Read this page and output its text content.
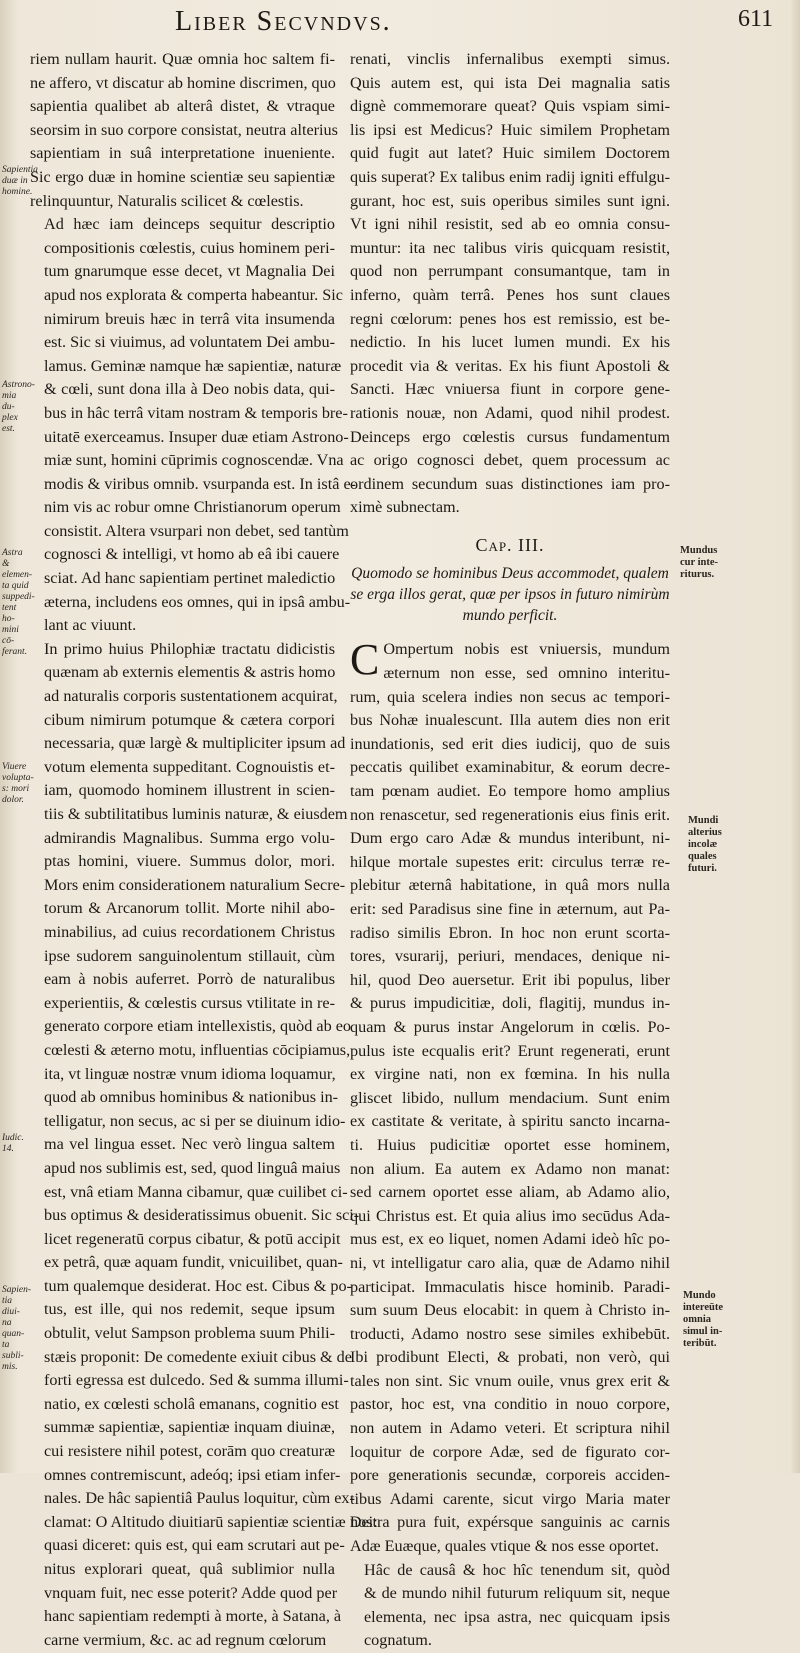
Liber Secvndvs.	611

riem nullam haurit. Quæ omnia hoc saltem fi-
ne affero, vt discatur ab homine discrimen, quo
sapientia qualibet ab alterâ distet, & vtraque
seorsim in suo corpore consistat, neutra alterius
sapientiam in suâ interpretatione inueniente.
Sic ergo duæ in homine scientiæ seu sapientiæ
relinquuntur, Naturalis scilicet & cœlestis.

Ad hæc iam deinceps sequitur descriptio
compositionis cœlestis, cuius hominem peri-
tum gnarumque esse decet, vt Magnalia Dei
apud nos explorata & comperta habeantur. Sic
nimirum breuis hæc in terrâ vita insumenda
est. Sic si viuimus, ad voluntatem Dei ambu-
lamus. Geminæ namque hæ sapientiæ, naturæ
& cœli, sunt dona illa à Deo nobis data, qui-
bus in hâc terrâ vitam nostram & temporis bre-
uitatē exerceamus. Insuper duæ etiam Astrono-
miæ sunt, homini cūprimis cognoscendæ. Vna
modis & viribus omnib. vsurpanda est. In istâ e-
nim vis ac robur omne Christianorum operum
consistit. Altera vsurpari non debet, sed tantùm
cognosci & intelligi, vt homo ab eâ ibi cauere
sciat. Ad hanc sapientiam pertinet maledictio
æterna, includens eos omnes, qui in ipsâ ambu-
lant ac viuunt.

In primo huius Philophiæ tractatu didicistis
quænam ab externis elementis & astris homo
ad naturalis corporis sustentationem acquirat,
cibum nimirum potumque & cætera corpori
necessaria, quæ largè & multipliciter ipsum ad
votum elementa suppeditant. Cognouistis et-
iam, quomodo hominem illustrent in scien-
tiis & subtilitatibus luminis naturæ, & eiusdem
admirandis Magnalibus. Summa ergo volu-
ptas homini, viuere. Summus dolor, mori.
Mors enim considerationem naturalium Secre-
torum & Arcanorum tollit. Morte nihil abo-
minabilius, ad cuius recordationem Christus
ipse sudorem sanguinolentum stillauit, cùm
eam à nobis auferret. Porrò de naturalibus
experientiis, & cœlestis cursus vtilitate in re-
generato corpore etiam intellexistis, quòd ab eo
cœlesti & æterno motu, influentias cōcipiamus,
ita, vt linguæ nostræ vnum idioma loquamur,
quod ab omnibus hominibus & nationibus in-
telligatur, non secus, ac si per se diuinum idio-
ma vel lingua esset. Nec verò lingua saltem
apud nos sublimis est, sed, quod linguâ maius
est, vnâ etiam Manna cibamur, quæ cuilibet ci-
bus optimus & desideratissimus obuenit. Sic sci-
licet regeneratū corpus cibatur, & potū accipit
ex petrâ, quæ aquam fundit, vnicuilibet, quan-
tum qualemque desiderat. Hoc est. Cibus & po-
tus, est ille, qui nos redemit, seque ipsum
obtulit, velut Sampson problema suum Phili-
stæis proponit: De comedente exiuit cibus & de
forti egressa est dulcedo. Sed & summa illumi-
natio, ex cœlesti scholâ emanans, cognitio est
summæ sapientiæ, sapientiæ inquam diuinæ,
cui resistere nihil potest, corām quo creaturæ
omnes contremiscunt, adeóq; ipsi etiam infer-
nales. De hâc sapientiâ Paulus loquitur, cùm ex-
clamat: O Altitudo diuitiarū sapientiæ scientiæ Dei:
quasi diceret: quis est, qui eam scrutari aut pe-
nitus explorari queat, quâ sublimior nulla
vnquam fuit, nec esse poterit? Adde quod per
hanc sapientiam redempti à morte, à Satana, à
carne vermium, &c. ac ad regnum cœlorum

renati, vinclis infernalibus exempti simus.
Quis autem est, qui ista Dei magnalia satis
dignè commemorare queat? Quis vspiam simi-
lis ipsi est Medicus? Huic similem Prophetam
quid fugit aut latet? Huic similem Doctorem
quis superat? Ex talibus enim radij igniti effulgu-
gurant, hoc est, suis operibus similes sunt igni.
Vt igni nihil resistit, sed ab eo omnia consu-
muntur: ita nec talibus viris quicquam resistit,
quod non perrumpant consumantque, tam in
inferno, quàm terrâ. Penes hos sunt claues
regni cœlorum: penes hos est remissio, est be-
nedictio. In his lucet lumen mundi. Ex his
procedit via & veritas. Ex his fiunt Apostoli &
Sancti. Hæc vniuersa fiunt in corpore gene-
rationis nouæ, non Adami, quod nihil prodest.
Deinceps ergo cœlestis cursus fundamentum
ac origo cognosci debet, quem processum ac
ordinem secundum suas distinctiones iam pro-
ximè subnectam.

Cap. III.
Quomodo se hominibus Deus accommodet, qualem se erga illos gerat, quæ per ipsos in futuro nimirùm mundo perficit.

C Ompertum nobis est vniuersis, mundum
æternum non esse, sed omnino interitu-
rum, quia scelera indies non secus ac tempori-
bus Nohæ inualescunt. Illa autem dies non erit
inundationis, sed erit dies iudicij, quo de suis
peccatis quilibet examinabitur, & eorum decre-
tam pœnam audiet. Eo tempore homo amplius
non renascetur, sed regenerationis eius finis erit.
Dum ergo caro Adæ & mundus interibunt, ni-
hilque mortale supestes erit: circulus terræ re-
plebitur æternâ habitatione, in quâ mors nulla
erit: sed Paradisus sine fine in æternum, aut Pa-
radiso similis Ebron. In hoc non erunt scorta-
tores, vsurarij, periuri, mendaces, denique ni-
hil, quod Deo auersetur. Erit ibi populus, liber
& purus impudicitiæ, doli, flagitij, mundus in-
quam & purus instar Angelorum in cœlis. Po-
pulus iste ecqualis erit? Erunt regenerati, erunt
ex virgine nati, non ex fœmina. In his nulla
gliscet libido, nullum mendacium. Sunt enim
ex castitate & veritate, à spiritu sancto incarna-
ti. Huius pudicitiæ oportet esse hominem,
non alium. Ea autem ex Adamo non manat:
sed carnem oportet esse aliam, ab Adamo alio,
qui Christus est. Et quia alius imo secūdus Ada-
mus est, ex eo liquet, nomen Adami ideò hîc po-
ni, vt intelligatur caro alia, quæ de Adamo nihil
participat. Immaculatis hisce hominib. Paradi-
sum suum Deus elocabit: in quem à Christo in-
troducti, Adamo nostro sese similes exhibebūt.
Ibi prodibunt Electi, & probati, non verò, qui
tales non sint. Sic vnum ouile, vnus grex erit &
pastor, hoc est, vna conditio in nouo corpore,
non autem in Adamo veteri. Et scriptura nihil
loquitur de corpore Adæ, sed de figurato cor-
pore generationis secundæ, corporeis acciden-
tibus Adami carente, sicut virgo Maria mater
nostra pura fuit, expérsque sanguinis ac carnis
Adæ Euæque, quales vtique & nos esse oportet.

Hâc de causâ & hoc hîc tenendum sit, quòd
& de mundo nihil futurum reliquum sit, neque
elementa, nec ipsa astra, nec quicquam ipsis
cognatum.

Sapientia
duæ in
homine.
Astrono-
mia du-
plex est.
Astra &
elemen-
ta quid
suppedi-
tent ho-
mini cō-
ferant.
Viuere
volupta-
s: mori
dolor.
Iudic. 14.
Sapien-
tia diui-
na quan-
ta subli-
mis.
Mundus
cur inte-
riturus.
Mundi
alterius
incolæ
quales
futuri.
Mundo
intereūte
omnia
simul in-
teribūt.
